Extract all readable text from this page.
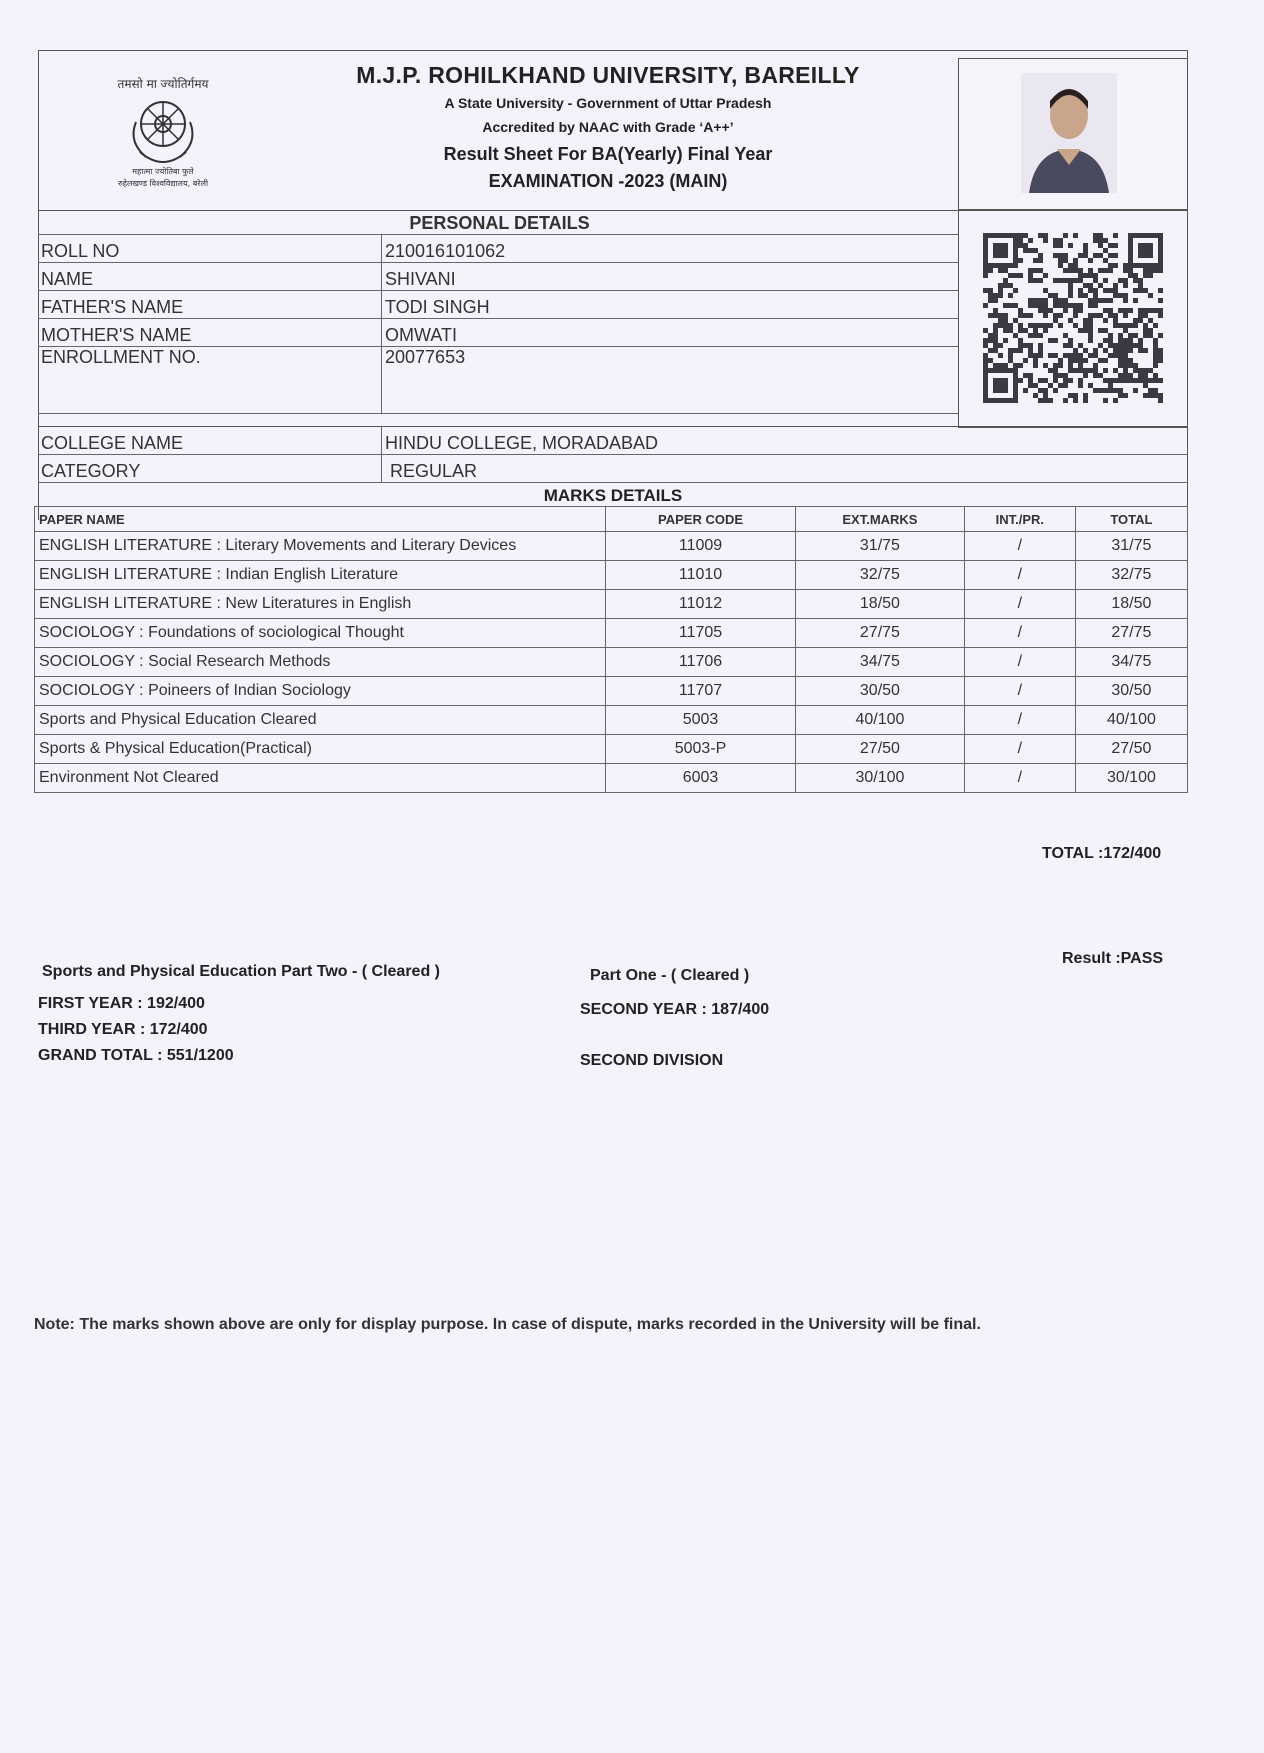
तमसो मा ज्योतिर्गमय
महात्मा ज्योतिबा फुले
रुहेलखण्ड विश्वविद्यालय, बरेली
M.J.P. ROHILKHAND UNIVERSITY, BAREILLY
A State University - Government of Uttar Pradesh
Accredited by NAAC with Grade ‘A++’
Result Sheet For BA(Yearly) Final Year
EXAMINATION -2023 (MAIN)
PERSONAL DETAILS	
ROLL NO	210016101062
NAME	SHIVANI
FATHER'S NAME	TODI SINGH
MOTHER'S NAME	OMWATI
ENROLLMENT NO.	20077653
COLLEGE NAME	HINDU COLLEGE, MORADABAD
CATEGORY	REGULAR
MARKS DETAILS
PAPER NAME	PAPER CODE	EXT.MARKS	INT./PR.	TOTAL
ENGLISH LITERATURE : Literary Movements and Literary Devices	11009	31/75	/	31/75
ENGLISH LITERATURE : Indian English Literature	11010	32/75	/	32/75
ENGLISH LITERATURE : New Literatures in English	11012	18/50	/	18/50
SOCIOLOGY : Foundations of sociological Thought	11705	27/75	/	27/75
SOCIOLOGY : Social Research Methods	11706	34/75	/	34/75
SOCIOLOGY : Poineers of Indian Sociology	11707	30/50	/	30/50
Sports and Physical Education Cleared	5003	40/100	/	40/100
Sports & Physical Education(Practical)	5003-P	27/50	/	27/50
Environment Not Cleared	6003	30/100	/	30/100
TOTAL :172/400
Result :PASS
Sports and Physical Education Part Two - ( Cleared )	Part One - ( Cleared )
FIRST YEAR : 192/400	SECOND YEAR : 187/400
THIRD YEAR : 172/400
GRAND TOTAL : 551/1200	SECOND DIVISION
Note: The marks shown above are only for display purpose. In case of dispute, marks recorded in the University will be final.
